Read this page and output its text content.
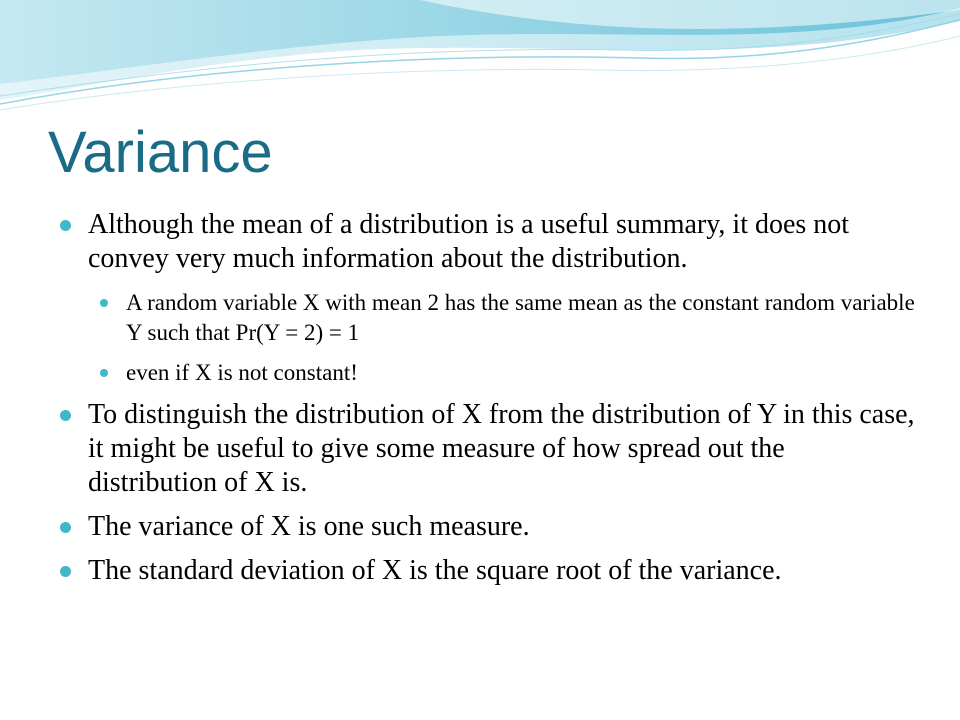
Variance
Although the mean of a distribution is a useful summary, it does not convey very much information about the distribution.
A random variable X with mean 2 has the same mean as the constant random variable Y such that Pr(Y = 2) = 1
even if X is not constant!
To distinguish the distribution of X from the distribution of Y in this case, it might be useful to give some measure of how spread out the distribution of X is.
The variance of X is one such measure.
The standard deviation of X is the square root of the variance.
